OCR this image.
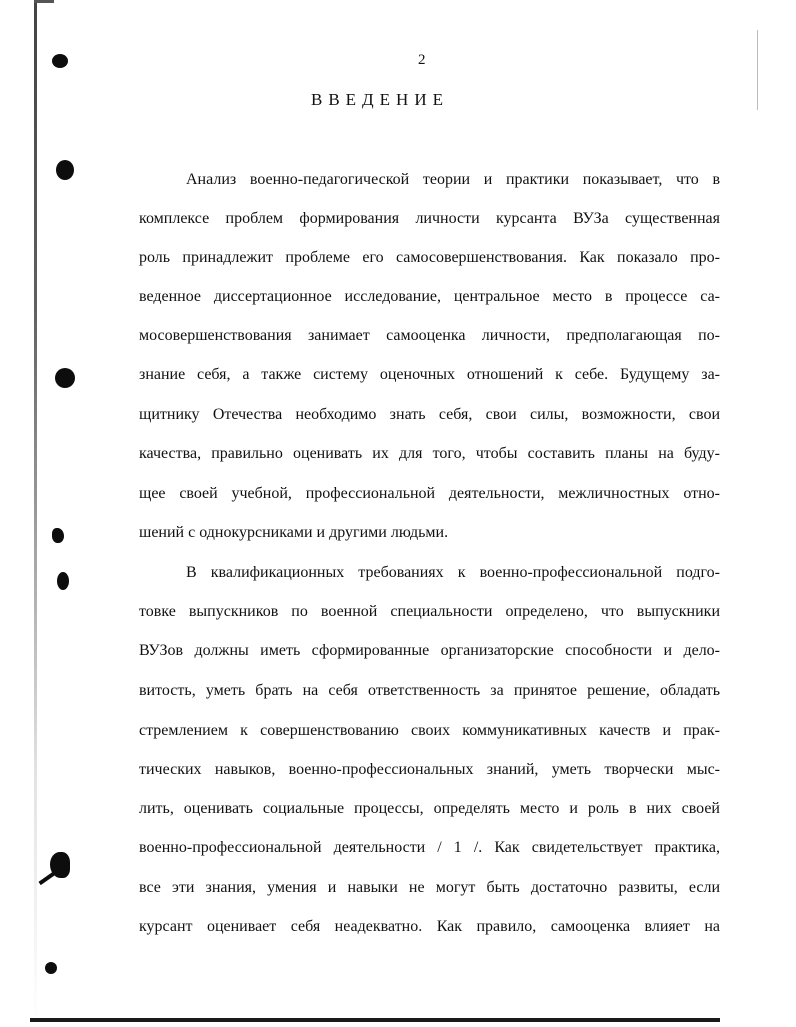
2
ВВЕДЕНИЕ
Анализ военно-педагогической теории и практики показывает, что в
комплексе проблем формирования личности курсанта ВУЗа существенная
роль принадлежит проблеме его самосовершенствования. Как показало про-
веденное диссертационное исследование, центральное место в процессе са-
мосовершенствования занимает самооценка личности, предполагающая по-
знание себя, а также систему оценочных отношений к себе. Будущему за-
щитнику Отечества необходимо знать себя, свои силы, возможности, свои
качества, правильно оценивать их для того, чтобы составить планы на буду-
щее своей учебной, профессиональной деятельности, межличностных отно-
шений с однокурсниками и другими людьми.
В квалификационных требованиях к военно-профессиональной подго-
товке выпускников по военной специальности определено, что выпускники
ВУЗов должны иметь сформированные организаторские способности и дело-
витость, уметь брать на себя ответственность за принятое решение, обладать
стремлением к совершенствованию своих коммуникативных качеств и прак-
тических навыков, военно-профессиональных знаний, уметь творчески мыс-
лить, оценивать социальные процессы, определять место и роль в них своей
военно-профессиональной деятельности / 1 /. Как свидетельствует практика,
все эти знания, умения и навыки не могут быть достаточно развиты, если
курсант оценивает себя неадекватно. Как правило, самооценка влияет на
